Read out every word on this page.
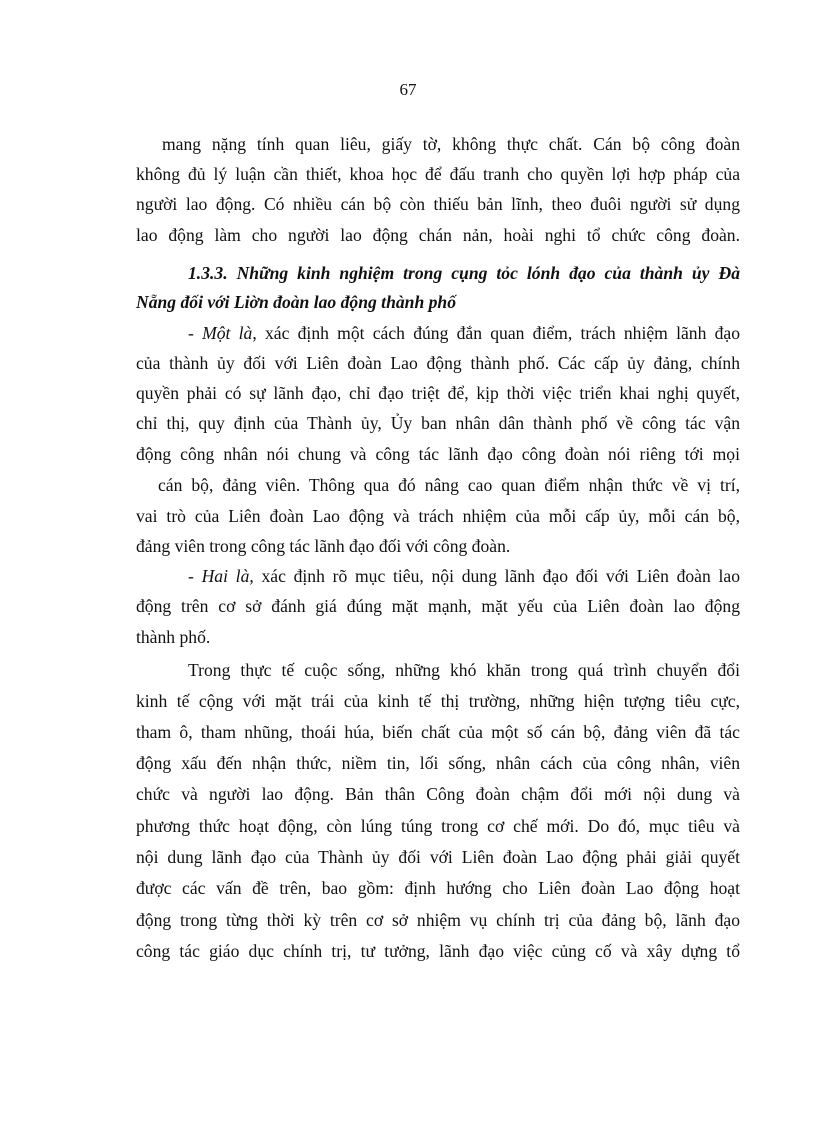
67
mang nặng tính quan liêu, giấy tờ, không thực chất. Cán bộ công đoàn
không đủ lý luận cần thiết, khoa học để đấu tranh cho quyền lợi hợp pháp của
người lao động. Có nhiều cán bộ còn thiếu bản lĩnh, theo đuôi người sử dụng
lao động làm cho người lao động chán nản, hoài nghi tổ chức công đoàn.
1.3.3. Những kinh nghiệm trong cụng tỏc lónh đạo của thành ủy Đà
Nẵng đối với Liờn đoàn lao động thành phố
- Một là, xác định một cách đúng đắn quan điểm, trách nhiệm lãnh đạo
của thành ủy đối với Liên đoàn Lao động thành phố. Các cấp ủy đảng, chính
quyền phải có sự lãnh đạo, chỉ đạo triệt để, kịp thời việc triển khai nghị quyết,
chỉ thị, quy định của Thành ủy, Ủy ban nhân dân thành phố về công tác vận
động công nhân nói chung và công tác lãnh đạo công đoàn nói riêng tới mọi
cán bộ, đảng viên. Thông qua đó nâng cao quan điểm nhận thức về vị trí,
vai trò của Liên đoàn Lao động và trách nhiệm của mỗi cấp ủy, mỗi cán bộ,
đảng viên trong công tác lãnh đạo đối với công đoàn.
- Hai là, xác định rõ mục tiêu, nội dung lãnh đạo đối với Liên đoàn lao
động trên cơ sở đánh giá đúng mặt mạnh, mặt yếu của Liên đoàn lao động
thành phố.
Trong thực tế cuộc sống, những khó khăn trong quá trình chuyển đổi
kinh tế cộng với mặt trái của kinh tế thị trường, những hiện tượng tiêu cực,
tham ô, tham nhũng, thoái húa, biến chất của một số cán bộ, đảng viên đã tác
động xấu đến nhận thức, niềm tin, lối sống, nhân cách của công nhân, viên
chức và người lao động. Bản thân Công đoàn chậm đổi mới nội dung và
phương thức hoạt động, còn lúng túng trong cơ chế mới. Do đó, mục tiêu và
nội dung lãnh đạo của Thành ủy đối với Liên đoàn Lao động phải giải quyết
được các vấn đề trên, bao gồm: định hướng cho Liên đoàn Lao động hoạt
động trong từng thời kỳ trên cơ sở nhiệm vụ chính trị của đảng bộ, lãnh đạo
công tác giáo dục chính trị, tư tưởng, lãnh đạo việc củng cố và xây dựng tổ
